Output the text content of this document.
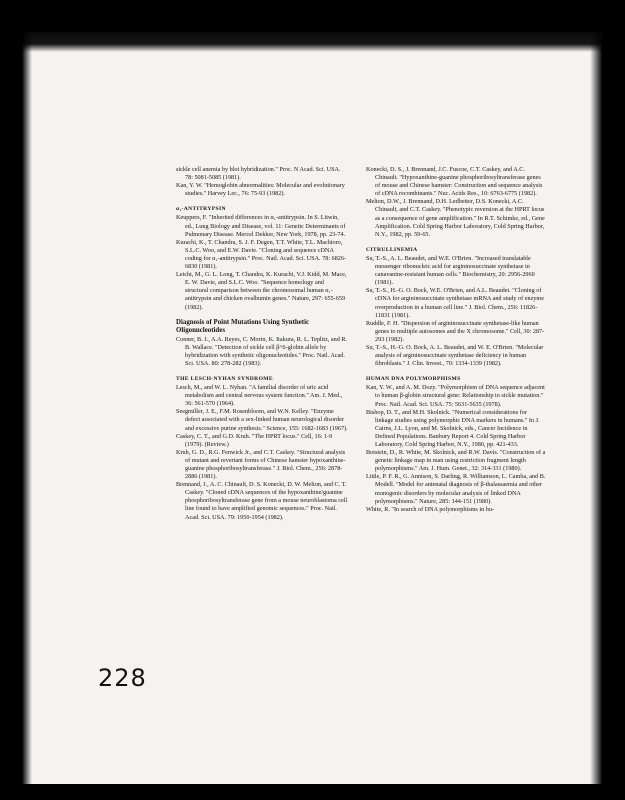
sickle cell anemia by blot hybridization." Proc. N Acad. Sci. USA. 78: 5081-5085 (1981).

Kan, Y. W. "Hemoglobin abnormalities: Molecular and evolutionary studies." Harvey Lec., 76: 75-93 (1982).

α₁-ANTITRYPSIN

Keuppers, F. "Inherited differences in α₁-antitrypsin. In S. Litwin, ed., Lung Biology and Disease, vol. 11: Genetic Determinants of Pulmonary Disease. Mercel Dekker, New York, 1978, pp. 23-74.

Kurachi, K., T. Chandra, S. J. F. Degen, T.T. White, T.L. Machioro, S.L.C. Woo, and E.W. Davie. "Cloning and sequence cDNA coding for α₁-antitrypsin." Proc. Natl. Acad. Sci. USA. 78: 6826-6830 (1981).

Leicht, M., G. L. Long, T. Chandra, K. Kurachi, V.J. Kidd, M. Mace, E. W. Davie, and S.L.C. Woo. "Sequence homology and structural comparison between the chromosomal human α₁-antitrypsin and chicken ovalbumin genes." Nature, 297: 655-659 (1982).

Diagnosis of Point Mutations Using Synthetic Oligonucleotides

Conner, B. J., A.A. Reyes, C. Morin, K. Itakura, R. L. Teplitz, and R. B. Wallace. "Detection of sickle cell β^S-globin allele by hybridization with synthetic oligonucleotides." Proc. Natl. Acad. Sci. USA. 80: 278-282 (1983).

THE LESCH-NYHAN SYNDROME

Lesch, M., and W. L. Nyhan. "A familial disorder of uric acid metabolism and central nervous system function." Am. J. Med., 36: 561-570 (1964).

Seegmiller, J. E., F.M. Rosenbloom, and W.N. Kelley. "Enzyme defect associated with a sex-linked human neurological disorder and excessive purine synthesis." Science, 155: 1682-1683 (1967).

Caskey, C. T., and G.D. Kruh. "The HPRT locus." Cell, 16: 1-9 (1979). (Review.)

Kruh, G. D., R.G. Fenwick Jr., and C.T. Caskey. "Structural analysis of mutant and revertant forms of Chinese hamster hypoxanthine-guanine phosphoribosyltransferase." J. Biol. Chem., 256: 2878-2886 (1981).

Brennand, J., A. C. Chinault, D. S. Konecki, D. W. Melton, and C. T. Caskey. "Cloned cDNA sequences of the hypoxanthine/guanine phosphoribosyltransferase gene from a mouse neuroblastoma cell line found to have amplified genomic sequences." Proc. Natl. Acad. Sci. USA. 79: 1950-1954 (1982).

Konecki, D. S., J. Brennand, J.C. Fuscoe, C.T. Caskey, and A.C. Chinault. "Hypoxanthine-guanine phosphoribosyltransferase genes of mouse and Chinese hamster: Construction and sequence analysis of cDNA recombinants." Nuc. Acids Res., 10: 6763-6775 (1982).

Melton, D.W., J. Brennand, D.H. Ledbetter, D.S. Konecki, A.C. Chinault, and C.T. Caskey. "Phenotypic reversion at the HPRT locus as a consequence of gene amplification." In R.T. Schimke, ed., Gene Amplification. Cold Spring Harbor Laboratory, Cold Spring Harbor, N.Y., 1982, pp. 59-65.

CITRULLINEMIA

Su, T.-S., A. L. Beaudet, and W.E. O'Brien. "Increased translatable messenger ribonucleic acid for argininosuccinate synthetase in canavanine-resistant human cells." Biochemistry, 20: 2956-2960 (1981).

Su, T.-S., H.-G. O. Bock, W.E. O'Brien, and A.L. Beaudet. "Cloning of cDNA for argininosuccinate synthetase mRNA and study of enzyme overproduction in a human cell line." J. Biol. Chem., 256: 11826-11831 (1981).

Ruddle, F. H. "Dispersion of argininosuccinate synthetase-like human genes to multiple autosomes and the X chromosome." Cell, 30: 287-293 (1982).

Su, T.-S., H.-G. O. Bock, A. L. Beaudet, and W. E. O'Brien. "Molecular analysis of argininosuccinate synthetase deficiency in human fibroblasts." J. Clin. Invest., 70: 1334-1339 (1982).

HUMAN DNA POLYMORPHISMS

Kan, Y. W., and A. M. Dozy. "Polymorphism of DNA sequence adjacent to human β-globin structural gene: Relationship to sickle mutation." Proc. Natl. Acad. Sci. USA. 75: 5631-5635 (1978).

Bishop, D. T., and M.H. Skolnick. "Numerical considerations for linkage studies using polymorphic DNA markers in humans." In J. Cairns, J.L. Lyon, and M. Skolnick, eds., Cancer Incidence in Defined Populations. Banbury Report 4. Cold Spring Harbor Laboratory, Cold Spring Harbor, N.Y., 1980, pp. 421-433.

Botstein, D., R. White, M. Skolnick, and R.W. Davis. "Construction of a genetic linkage map in man using restriction fragment length polymorphisms." Am. J. Hum. Genet., 32: 314-331 (1980).

Little, P. F. R., G. Annison, S. Darling, R. Williamson, L. Camba, and B. Modell. "Model for antenatal diagnosis of β-thalassaemia and other monogenic disorders by molecular analysis of linked DNA polymorphisms." Nature, 285: 144-151 (1980).

White, R. "In search of DNA polymorphisms in hu-

228
